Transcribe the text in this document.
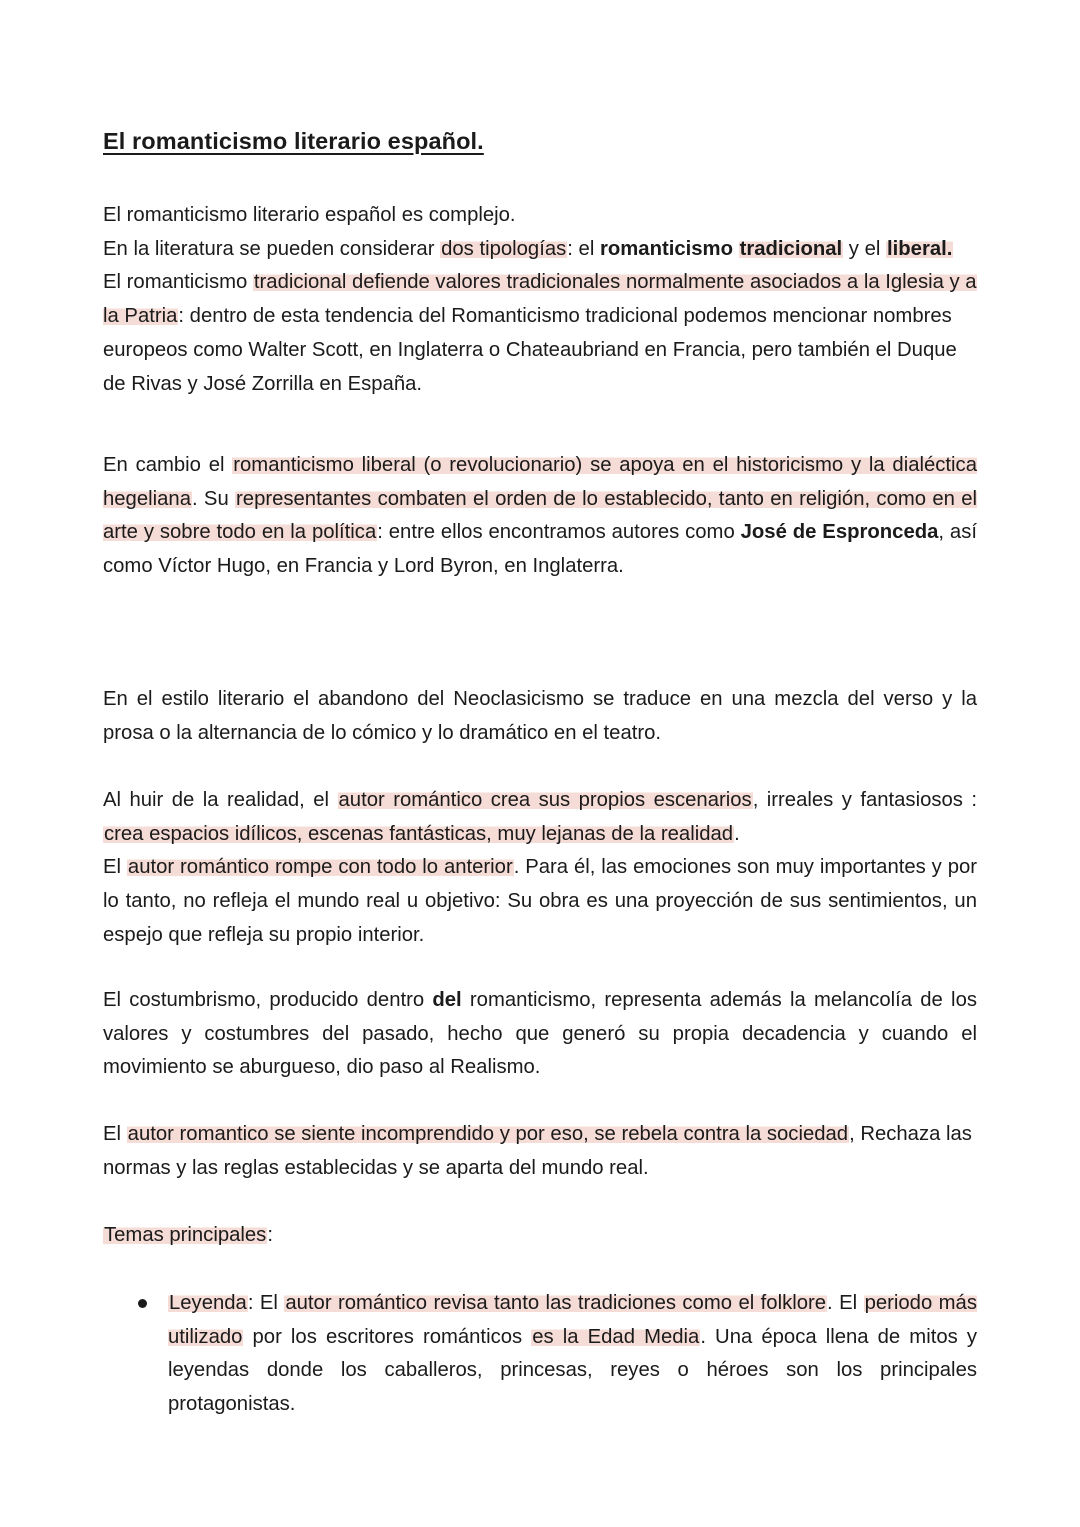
El romanticismo literario español.
El romanticismo literario español es complejo.
En la literatura se pueden considerar dos tipologías: el romanticismo tradicional y el liberal. El romanticismo tradicional defiende valores tradicionales normalmente asociados a la Iglesia y a la Patria: dentro de esta tendencia del Romanticismo tradicional podemos mencionar nombres europeos como Walter Scott, en Inglaterra o Chateaubriand en Francia, pero también el Duque de Rivas y José Zorrilla en España.
En cambio el romanticismo liberal (o revolucionario) se apoya en el historicismo y la dialéctica hegeliana. Su representantes combaten el orden de lo establecido, tanto en religión, como en el arte y sobre todo en la política: entre ellos encontramos autores como José de Espronceda, así como Víctor Hugo, en Francia y Lord Byron, en Inglaterra.
En el estilo literario el abandono del Neoclasicismo se traduce en una mezcla del verso y la prosa o la alternancia de lo cómico y lo dramático en el teatro.
Al huir de la realidad, el autor romántico crea sus propios escenarios, irreales y fantasiosos : crea espacios idílicos, escenas fantásticas, muy lejanas de la realidad.
El autor romántico rompe con todo lo anterior. Para él, las emociones son muy importantes y por lo tanto, no refleja el mundo real u objetivo: Su obra es una proyección de sus sentimientos, un espejo que refleja su propio interior.
El costumbrismo, producido dentro del romanticismo, representa además la melancolía de los valores y costumbres del pasado, hecho que generó su propia decadencia y cuando el movimiento se aburgueso, dio paso al Realismo.
El autor romantico se siente incomprendido y por eso, se rebela contra la sociedad, Rechaza las normas y las reglas establecidas y se aparta del mundo real.
Temas principales:

Leyenda: El autor romántico revisa tanto las tradiciones como el folklore. El periodo más utilizado por los escritores románticos es la Edad Media. Una época llena de mitos y leyendas donde los caballeros, princesas, reyes o héroes son los principales protagonistas.
